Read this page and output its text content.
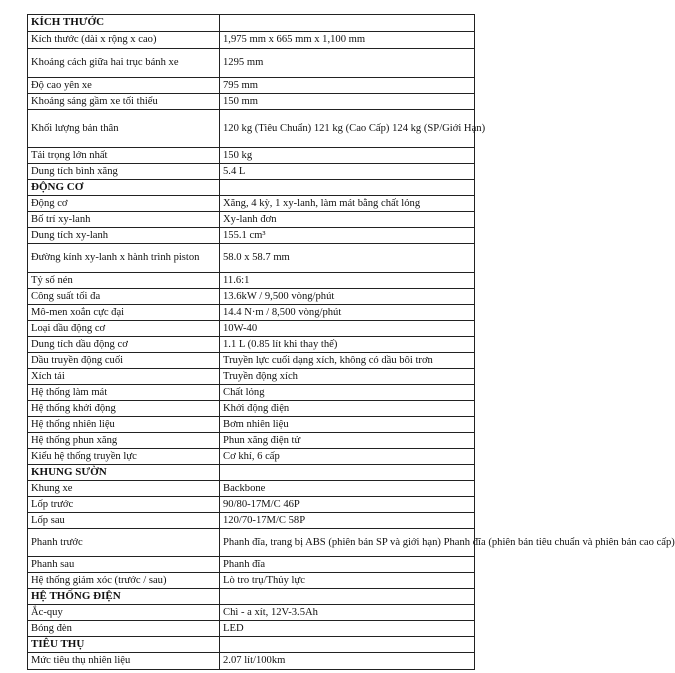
KÍCH THƯỚC	
Kích thước (dài x rộng x cao)	1,975 mm x 665 mm x 1,100 mm
Khoảng cách giữa hai trục bánh xe	1295 mm
Độ cao yên xe	795 mm
Khoảng sáng gầm xe tối thiểu	150 mm
Khối lượng bản thân	120 kg (Tiêu Chuẩn) 121 kg (Cao Cấp) 124 kg (SP/Giới Hạn)
Tải trọng lớn nhất	150 kg
Dung tích bình xăng	5.4 L
ĐỘNG CƠ	
Động cơ	Xăng, 4 kỳ, 1 xy-lanh, làm mát bằng chất lỏng
Bố trí xy-lanh	Xy-lanh đơn
Dung tích xy-lanh	155.1 cm³
Đường kính xy-lanh x hành trình piston	58.0 x 58.7 mm
Tỷ số nén	11.6:1
Công suất tối đa	13.6kW / 9,500 vòng/phút
Mô-men xoắn cực đại	14.4 N·m / 8,500 vòng/phút
Loại dầu động cơ	10W-40
Dung tích dầu động cơ	1.1 L (0.85 lít khi thay thế)
Dầu truyền động cuối	Truyền lực cuối dạng xích, không có dầu bôi trơn
Xích tải	Truyền động xích
Hệ thống làm mát	Chất lỏng
Hệ thống khởi động	Khởi động điện
Hệ thống nhiên liệu	Bơm nhiên liệu
Hệ thống phun xăng	Phun xăng điện tử
Kiểu hệ thống truyền lực	Cơ khí, 6 cấp
KHUNG SƯỜN	
Khung xe	Backbone
Lốp trước	90/80-17M/C 46P
Lốp sau	120/70-17M/C 58P
Phanh trước	Phanh đĩa, trang bị ABS (phiên bản SP và giới hạn) Phanh đĩa (phiên bản tiêu chuẩn và phiên bản cao cấp)
Phanh sau	Phanh đĩa
Hệ thống giảm xóc (trước / sau)	Lò tro trụ/Thủy lực
HỆ THỐNG ĐIỆN	
Ắc-quy	Chì - a xít, 12V-3.5Ah
Bóng đèn	LED
TIÊU THỤ	
Mức tiêu thụ nhiên liệu	2.07 lít/100km
